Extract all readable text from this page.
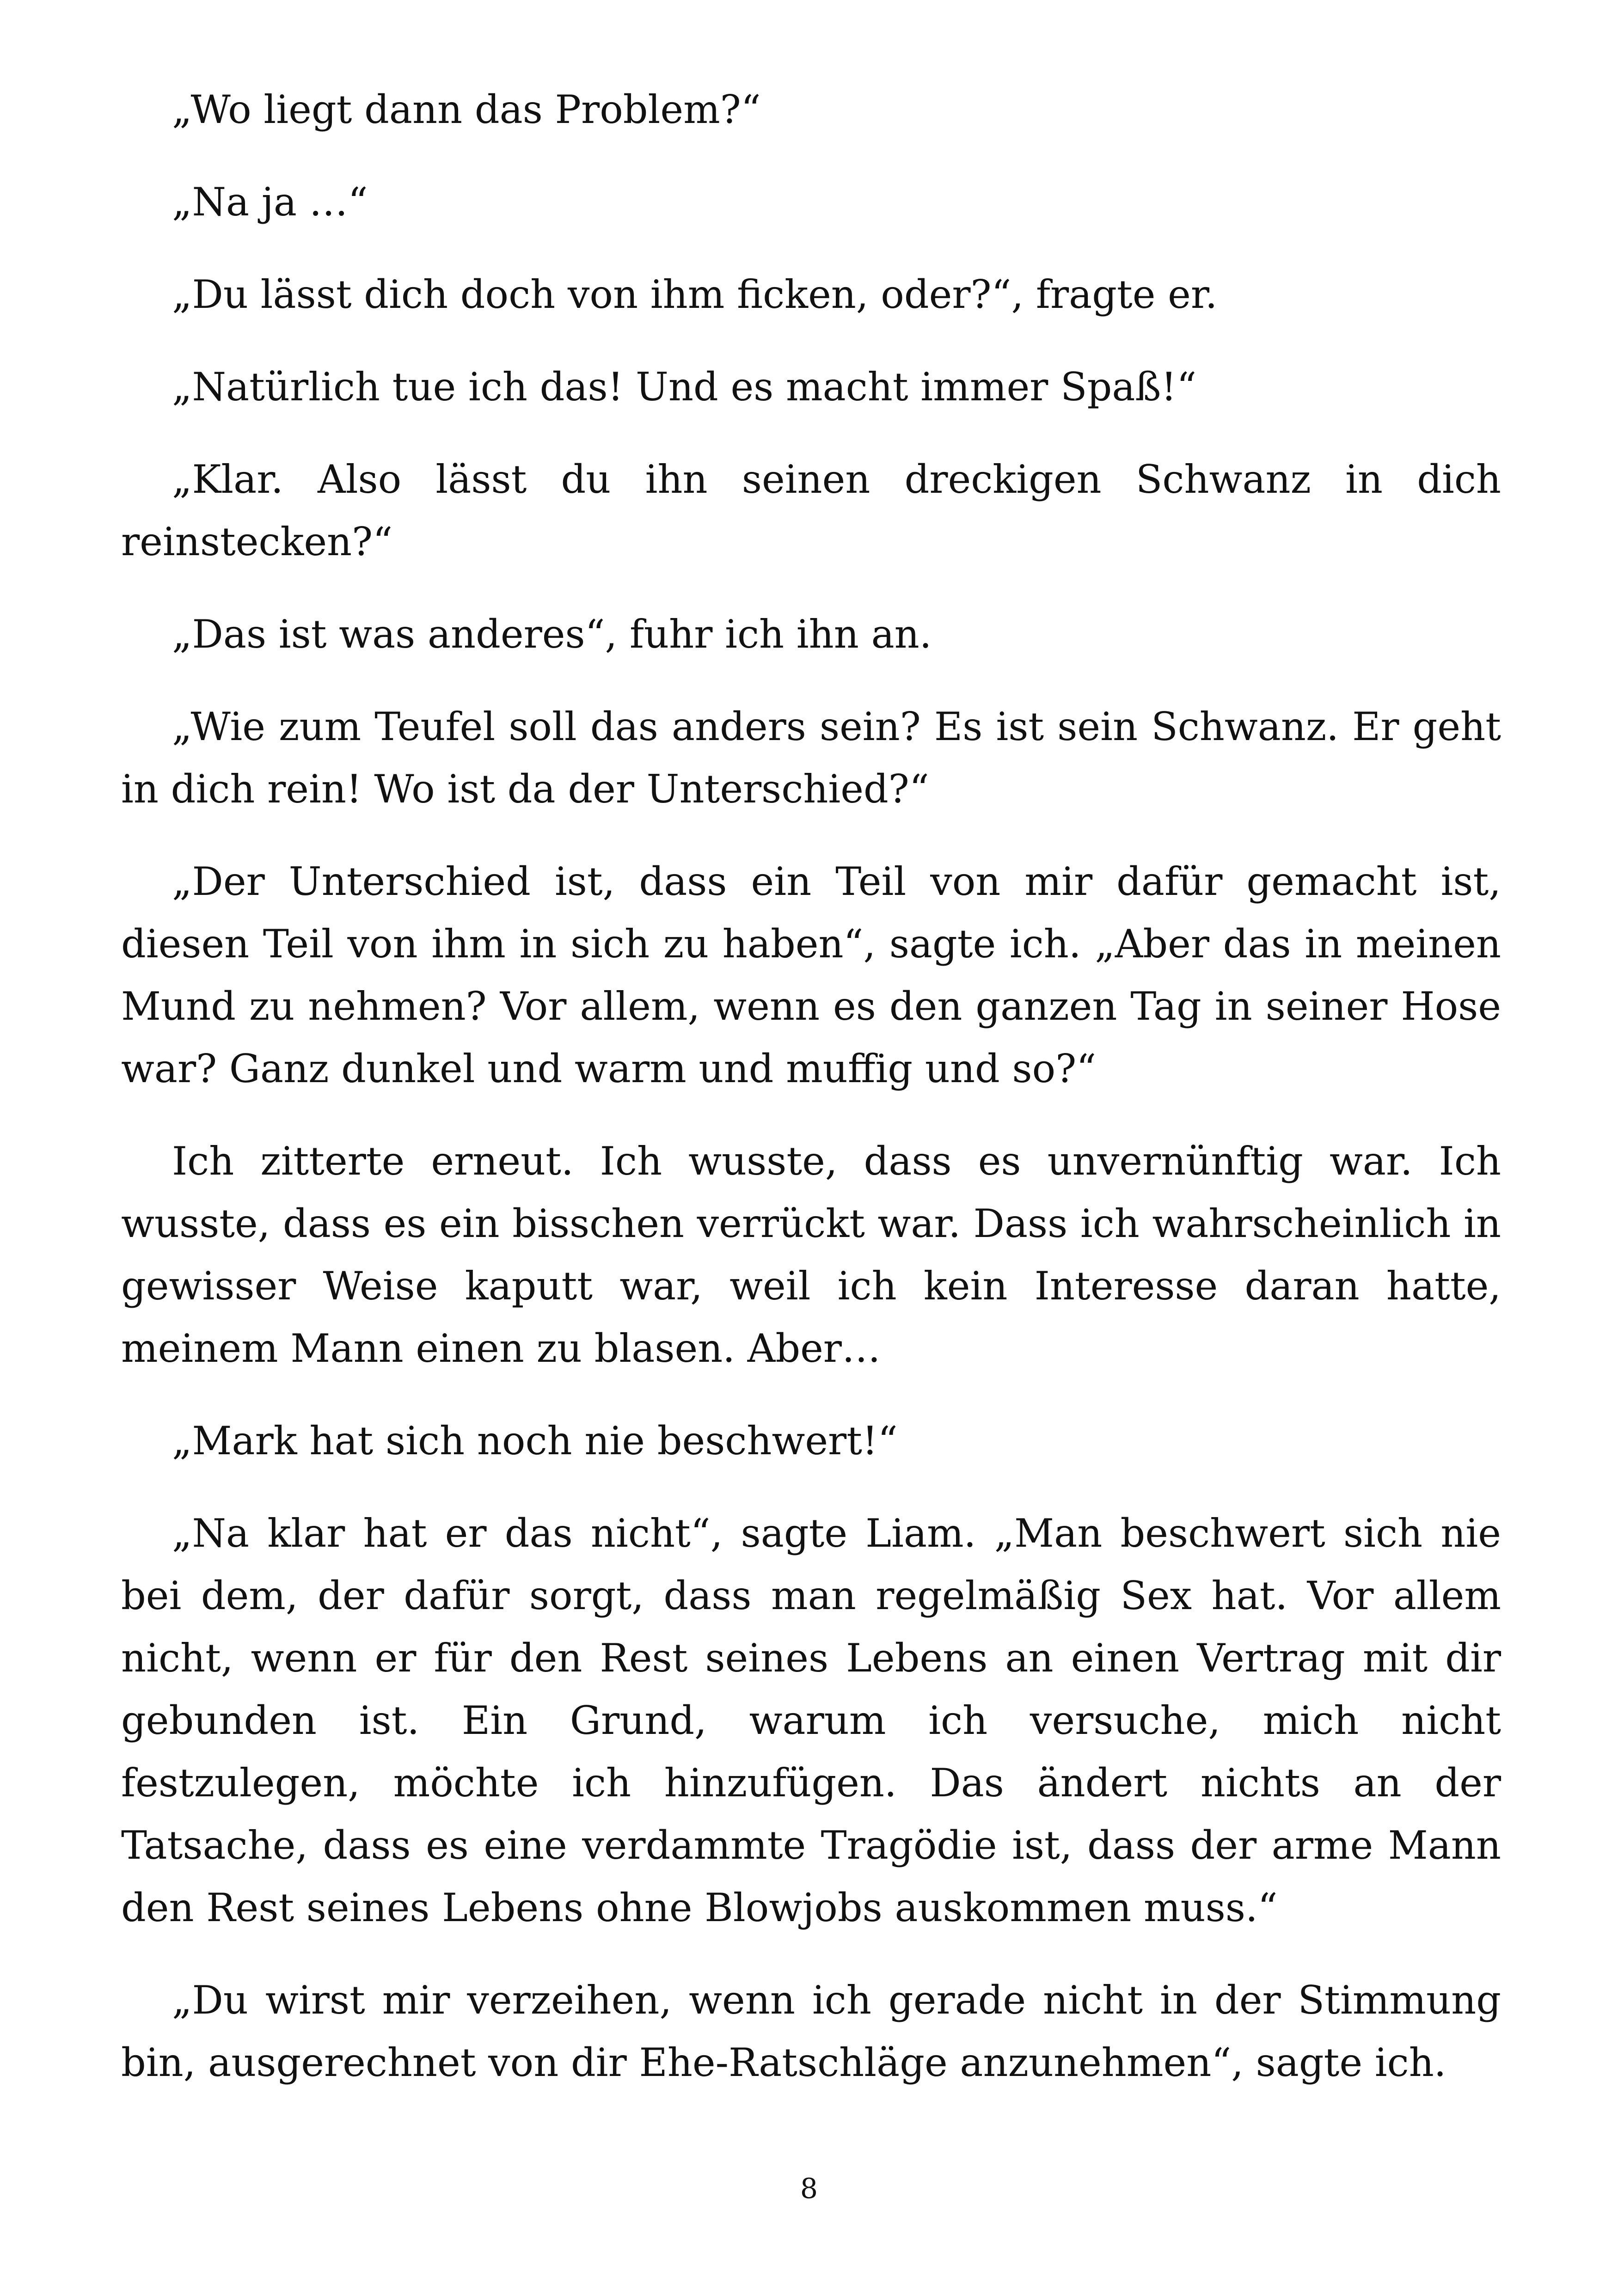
„Wo liegt dann das Problem?“

„Na ja …“

„Du lässt dich doch von ihm ficken, oder?“, fragte er.

„Natürlich tue ich das! Und es macht immer Spaß!“

„Klar. Also lässt du ihn seinen dreckigen Schwanz in dich reinstecken?“

„Das ist was anderes“, fuhr ich ihn an.

„Wie zum Teufel soll das anders sein? Es ist sein Schwanz. Er geht in dich rein! Wo ist da der Unterschied?“

„Der Unterschied ist, dass ein Teil von mir dafür gemacht ist, diesen Teil von ihm in sich zu haben“, sagte ich. „Aber das in meinen Mund zu nehmen? Vor allem, wenn es den ganzen Tag in seiner Hose war? Ganz dunkel und warm und muffig und so?“

Ich zitterte erneut. Ich wusste, dass es unvernünftig war. Ich wusste, dass es ein bisschen verrückt war. Dass ich wahrscheinlich in gewisser Weise kaputt war, weil ich kein Interesse daran hatte, meinem Mann einen zu blasen. Aber…

„Mark hat sich noch nie beschwert!“

„Na klar hat er das nicht“, sagte Liam. „Man beschwert sich nie bei dem, der dafür sorgt, dass man regelmäßig Sex hat. Vor allem nicht, wenn er für den Rest seines Lebens an einen Vertrag mit dir gebunden ist. Ein Grund, warum ich versuche, mich nicht festzulegen, möchte ich hinzufügen. Das ändert nichts an der Tatsache, dass es eine verdammte Tragödie ist, dass der arme Mann den Rest seines Lebens ohne Blowjobs auskommen muss.“

„Du wirst mir verzeihen, wenn ich gerade nicht in der Stimmung bin, ausgerechnet von dir Ehe-Ratschläge anzunehmen“, sagte ich.

8
